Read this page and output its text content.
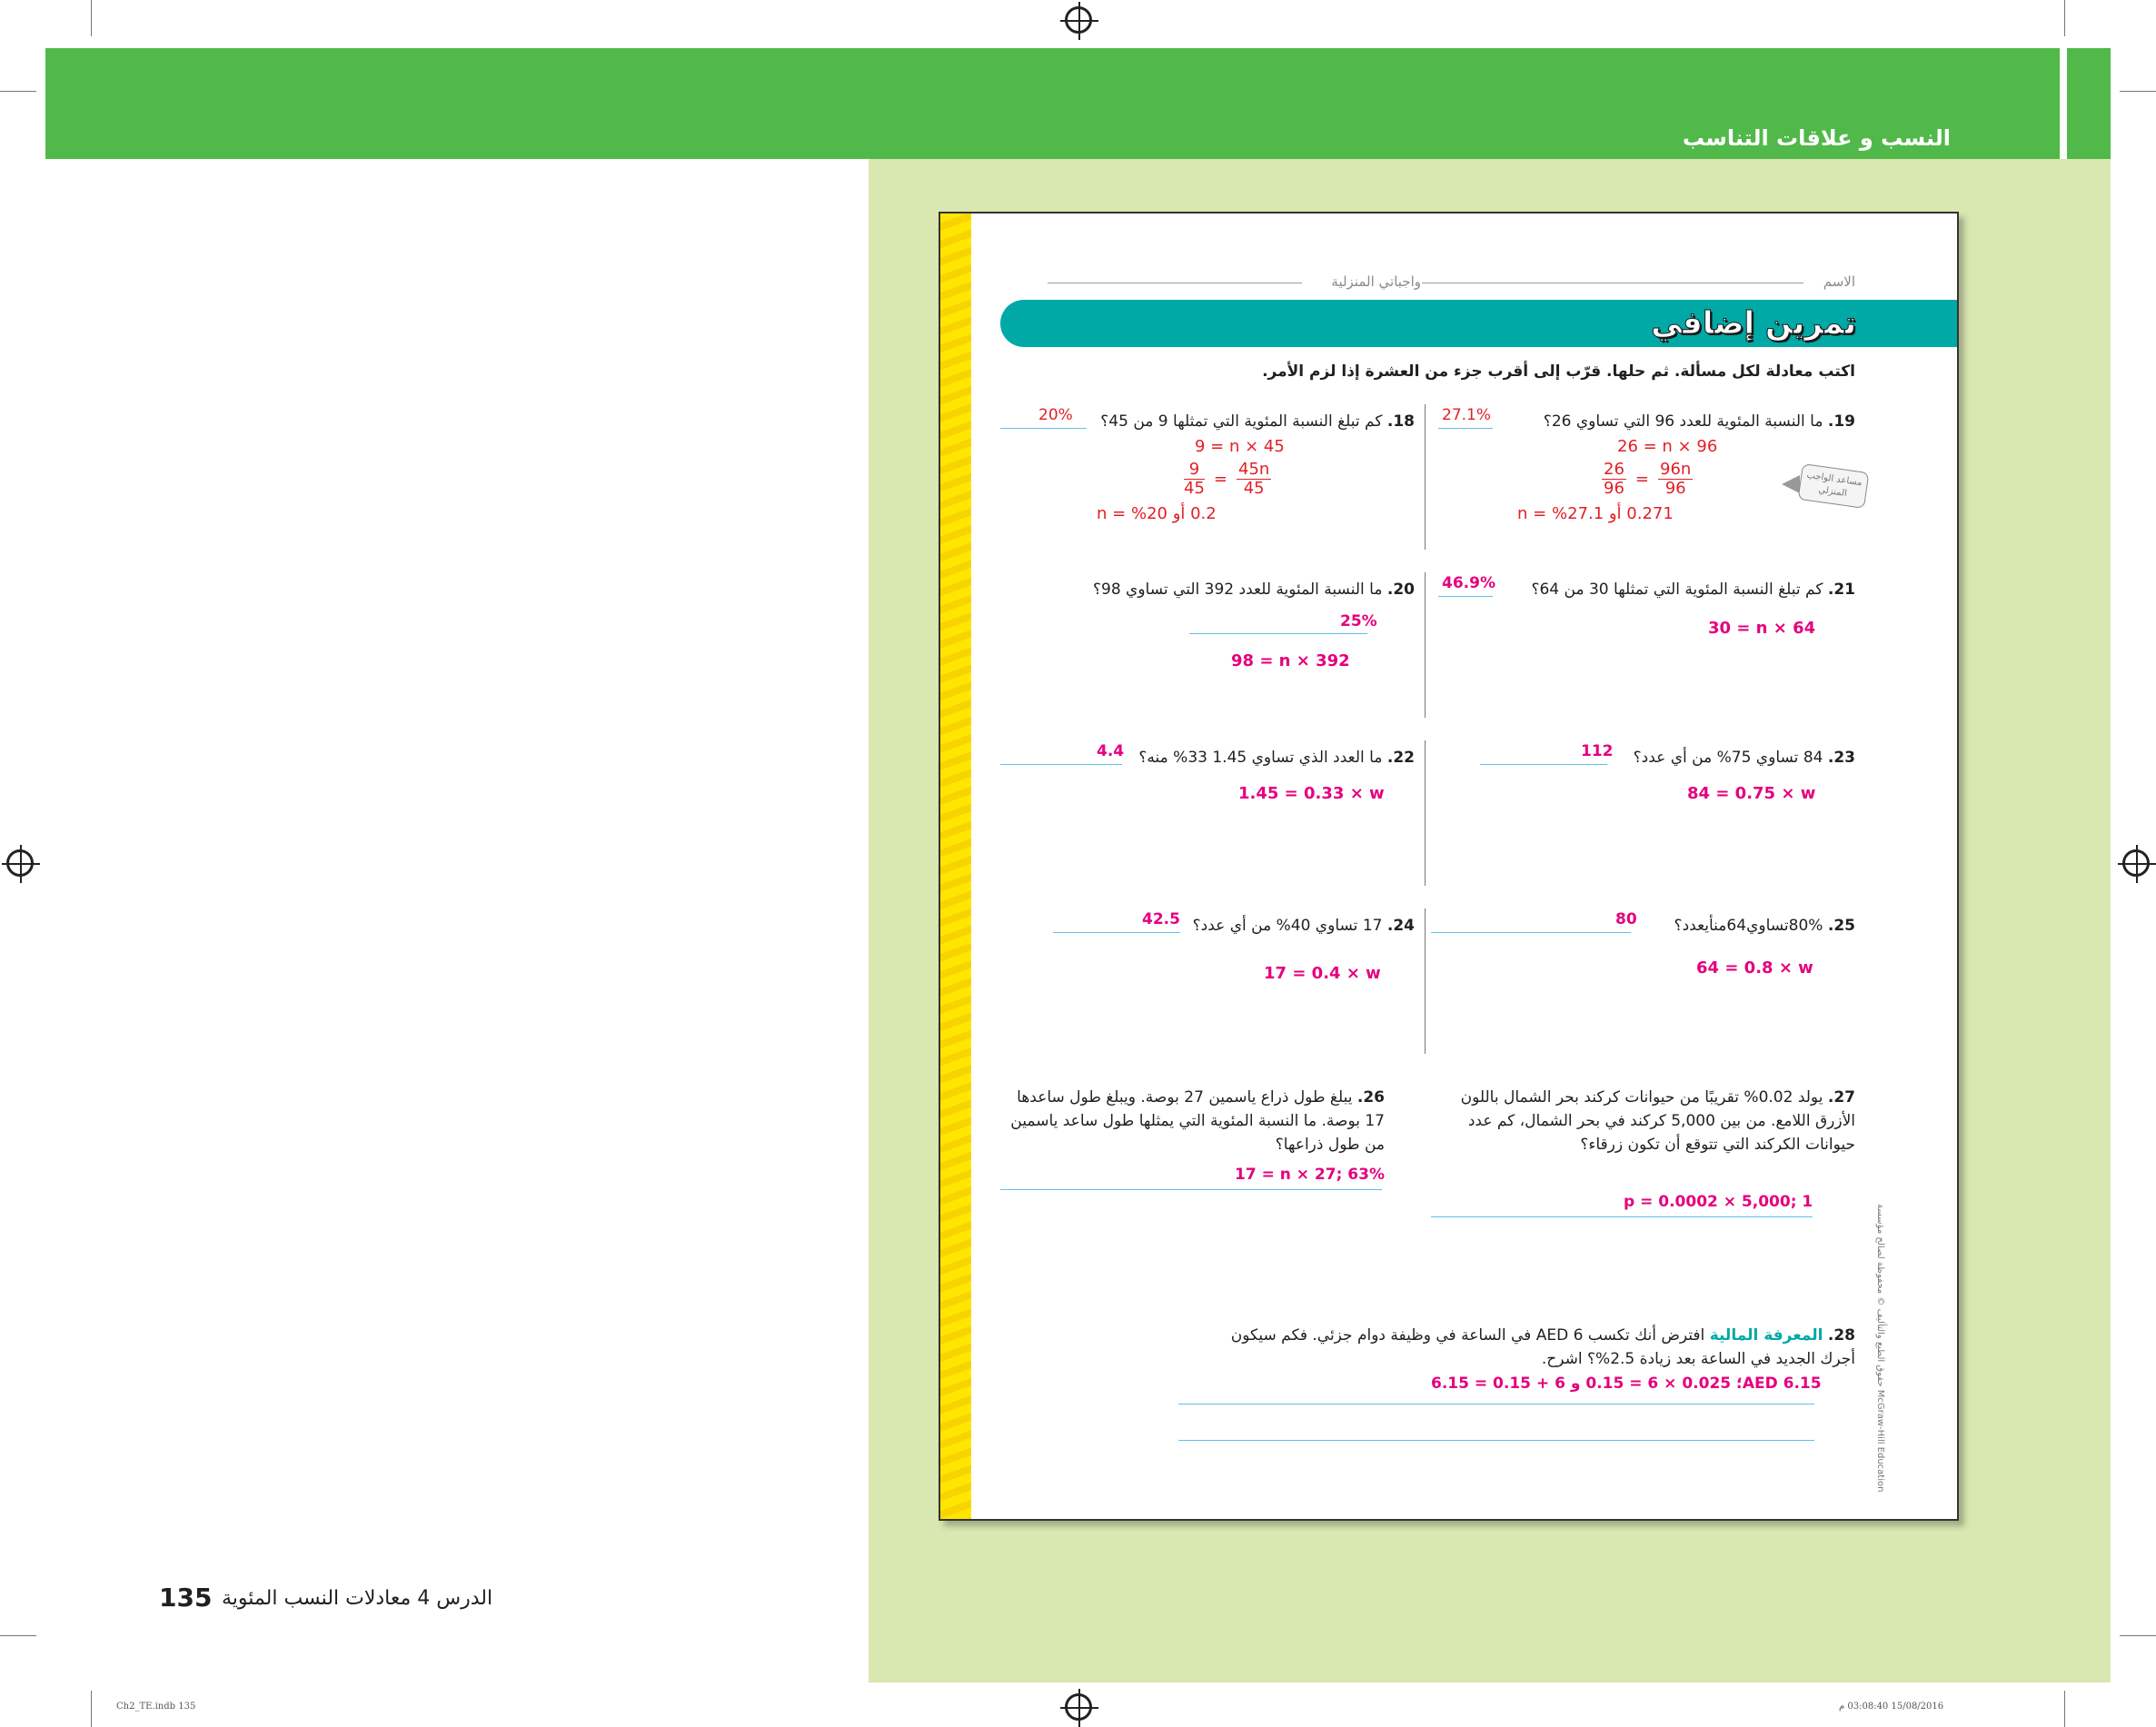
النسب و علاقات التناسب
الاسم
واجباتي المنزلية
تمرين إضافي
اكتب معادلة لكل مسألة. ثم حلها. قرّب إلى أقرب جزء من العشرة إذا لزم الأمر.
19. ما النسبة المئوية للعدد 96 التي تساوي 26؟
27.1%
26 = n × 96
$\frac{26}{96} = \frac{96n}{96}$
0.271 أو 27.1% = n
مساعد الواجب المنزلي
18. كم تبلغ النسبة المئوية التي تمثلها 9 من 45؟
20%
9 = n × 45
$\frac{9}{45} = \frac{45n}{45}$
0.2 أو 20% = n
21. كم تبلغ النسبة المئوية التي تمثلها 30 من 64؟
46.9%
30 = n × 64
20. ما النسبة المئوية للعدد 392 التي تساوي 98؟
25%
98 = n × 392
23. 84 تساوي 75% من أي عدد؟
112
84 = 0.75 × w
22. ما العدد الذي تساوي 1.45 33% منه؟
4.4
1.45 = 0.33 × w
25. 80%تساوي64منأيعدد؟
80
64 = 0.8 × w
24. 17 تساوي 40% من أي عدد؟
42.5
17 = 0.4 × w
27. يولد 0.02% تقريبًا من حيوانات كركند بحر الشمال باللون الأزرق اللامع. من بين 5,000 كركند في بحر الشمال، كم عدد حيوانات الكركند التي تتوقع أن تكون زرقاء؟
p = 0.0002 × 5,000; 1
26. يبلغ طول ذراع ياسمين 27 بوصة. ويبلغ طول ساعدها 17 بوصة. ما النسبة المئوية التي يمثلها طول ساعد ياسمين من طول ذراعها؟
17 = n × 27; 63%
28. المعرفة المالية افترض أنك تكسب AED 6 في الساعة في وظيفة دوام جزئي. فكم سيكون أجرك الجديد في الساعة بعد زيادة 2.5%؟ اشرح.
AED 6.15؛ 0.025 × 6 = 0.15 و 6 + 0.15 = 6.15	حقوق الطبع والتأليف © محفوظة لصالح مؤسسة McGraw-Hill Education
135 الدرس 4 معادلات النسب المئوية
Ch2_TE.indb 135	15/08/2016 03:08:40 م
